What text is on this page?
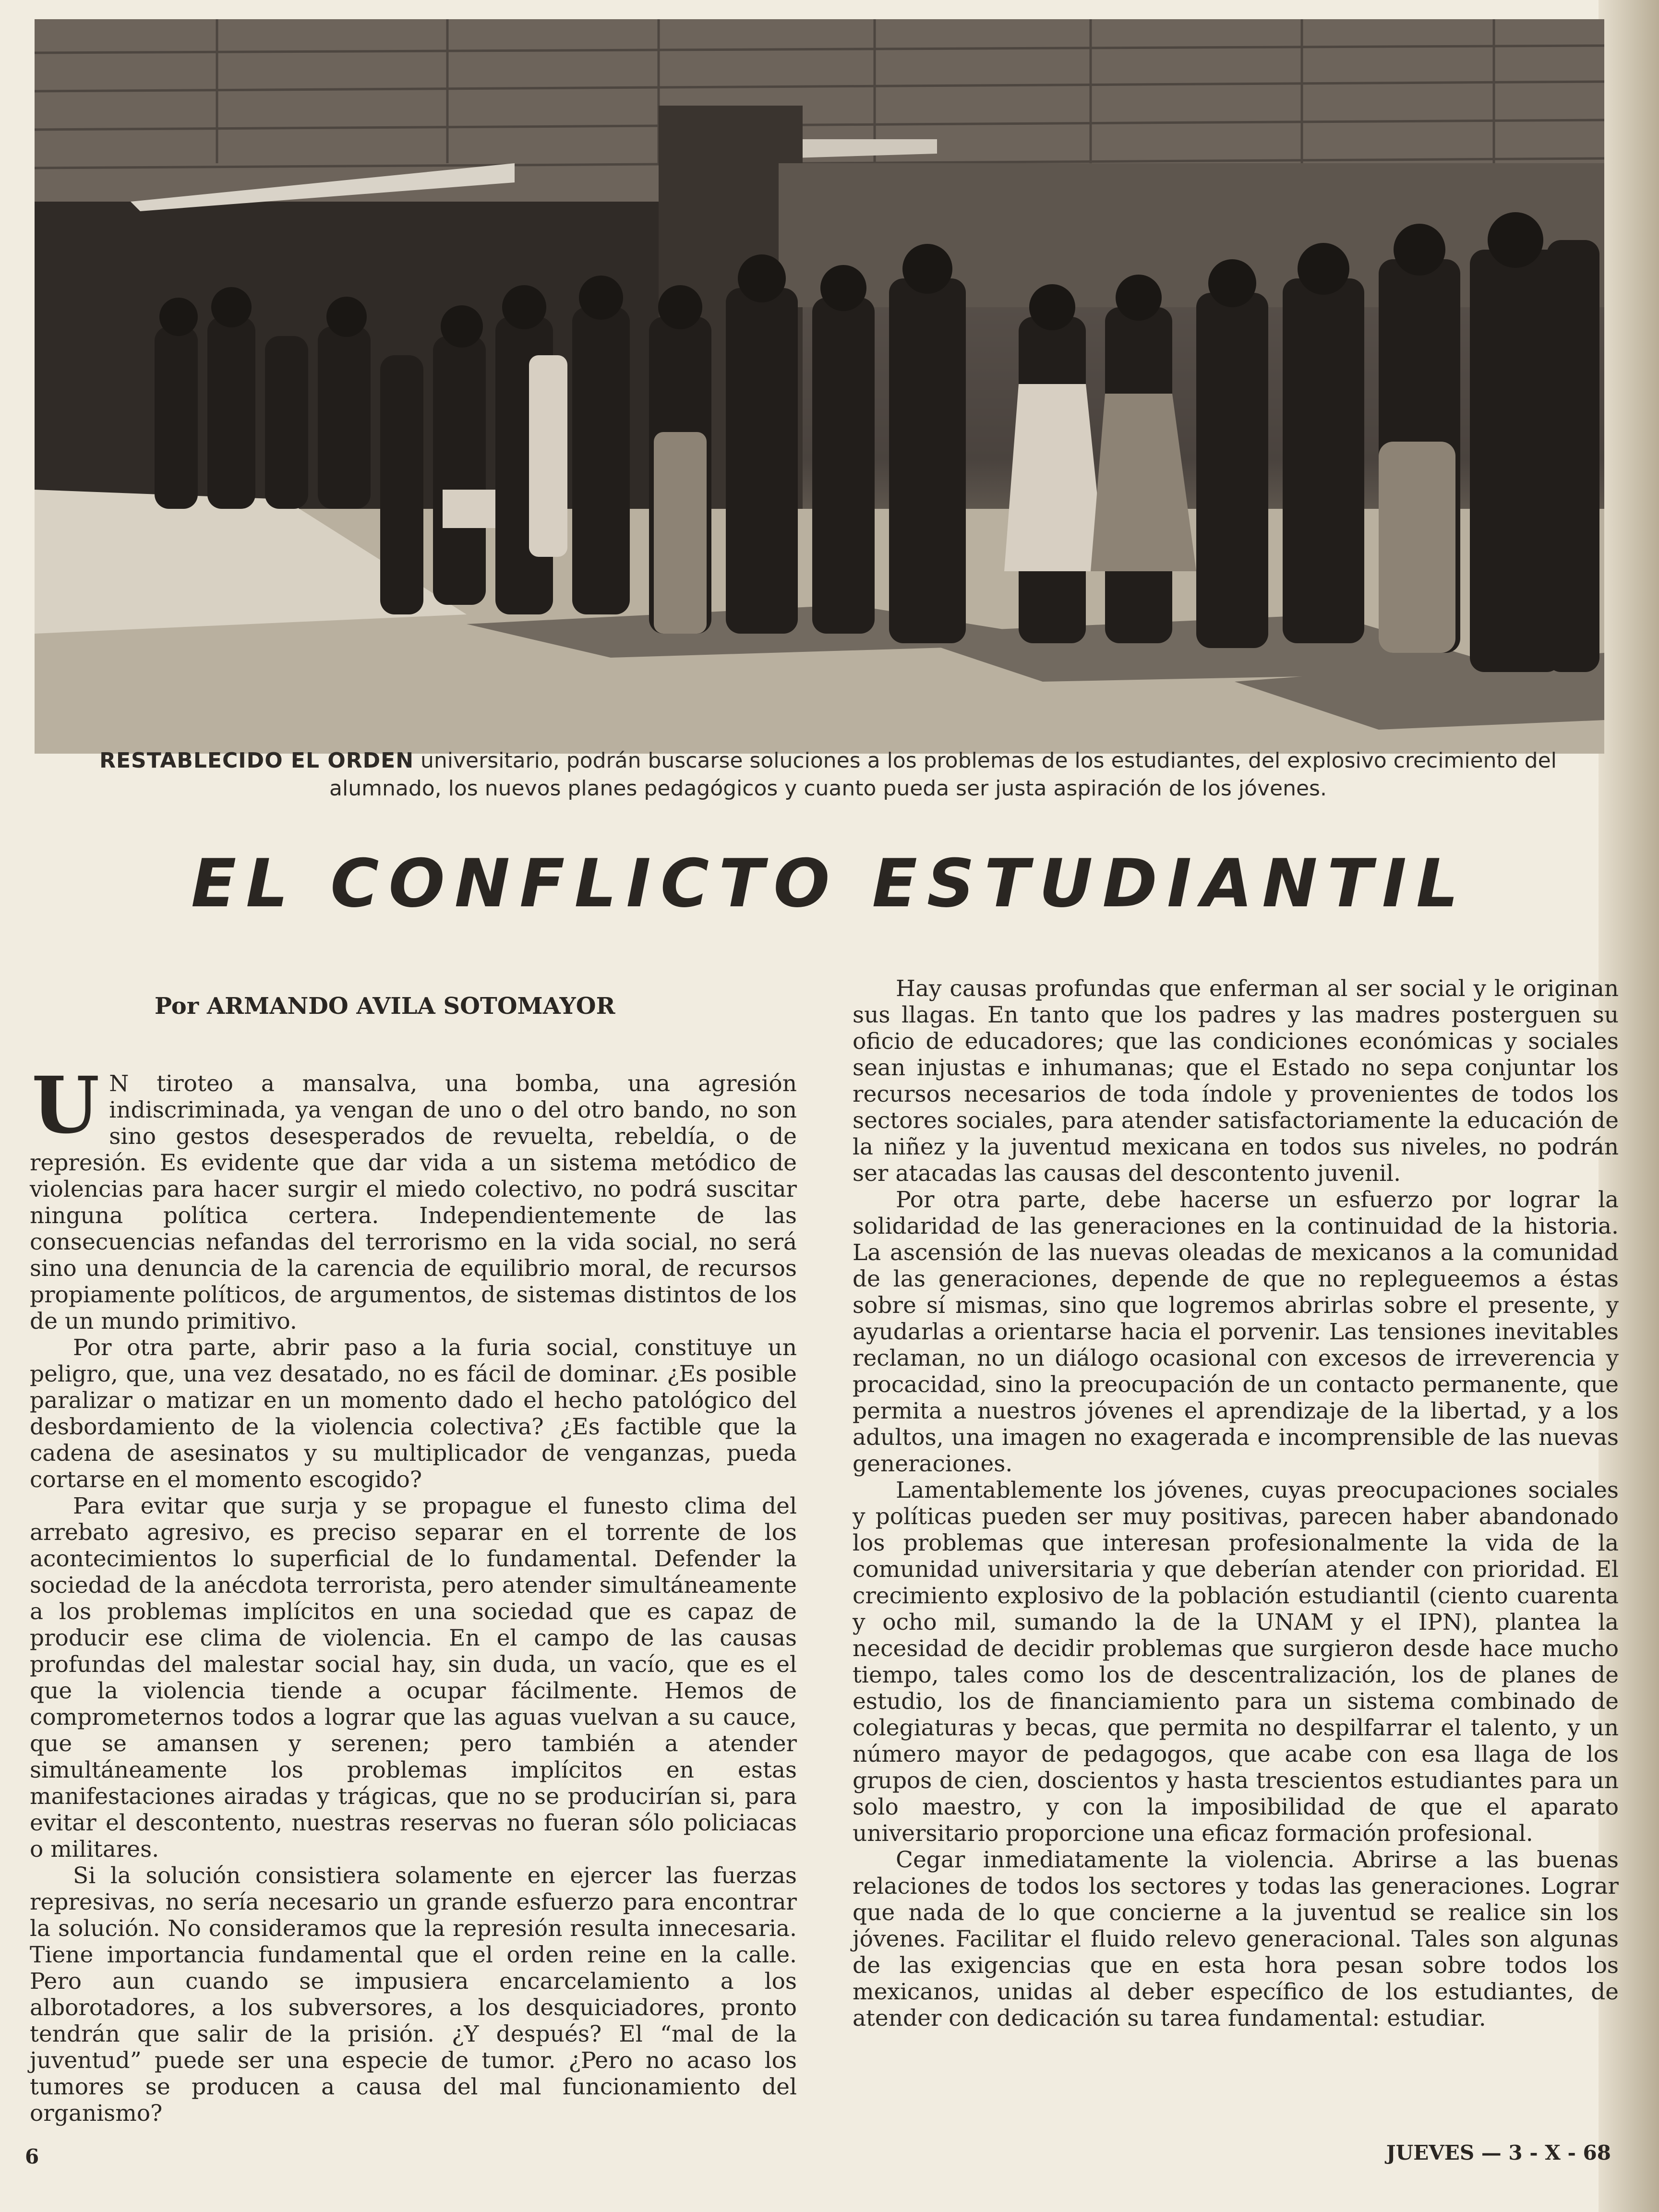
RESTABLECIDO EL ORDEN universitario, podrán buscarse soluciones a los problemas de los estudiantes, del explosivo crecimiento del alumnado, los nuevos planes pedagógicos y cuanto pueda ser justa aspiración de los jóvenes.
EL CONFLICTO ESTUDIANTIL
Por ARMANDO AVILA SOTOMAYOR

U N tiroteo a mansalva, una bomba, una agresión indiscriminada, ya vengan de uno o del otro bando, no son sino gestos desesperados de revuelta, rebeldía, o de represión. Es evidente que dar vida a un sistema metódico de violencias para hacer surgir el miedo colectivo, no podrá suscitar ninguna política certera. Independientemente de las consecuencias nefandas del terrorismo en la vida social, no será sino una denuncia de la carencia de equilibrio moral, de recursos propiamente políticos, de argumentos, de sistemas distintos de los de un mundo primitivo.

Por otra parte, abrir paso a la furia social, constituye un peligro, que, una vez desatado, no es fácil de dominar. ¿Es posible paralizar o matizar en un momento dado el hecho patológico del desbordamiento de la violencia colectiva? ¿Es factible que la cadena de asesinatos y su multiplicador de venganzas, pueda cortarse en el momento escogido?

Para evitar que surja y se propague el funesto clima del arrebato agresivo, es preciso separar en el torrente de los acontecimientos lo superficial de lo fundamental. Defender la sociedad de la anécdota terrorista, pero atender simultáneamente a los problemas implícitos en una sociedad que es capaz de producir ese clima de violencia. En el campo de las causas profundas del malestar social hay, sin duda, un vacío, que es el que la violencia tiende a ocupar fácilmente. Hemos de comprometernos todos a lograr que las aguas vuelvan a su cauce, que se amansen y serenen; pero también a atender simultáneamente los problemas implícitos en estas manifestaciones airadas y trágicas, que no se producirían si, para evitar el descontento, nuestras reservas no fueran sólo policiacas o militares.

Si la solución consistiera solamente en ejercer las fuerzas represivas, no sería necesario un grande esfuerzo para encontrar la solución. No consideramos que la represión resulta innecesaria. Tiene importancia fundamental que el orden reine en la calle. Pero aun cuando se impusiera encarcelamiento a los alborotadores, a los subversores, a los desquiciadores, pronto tendrán que salir de la prisión. ¿Y después? El “mal de la juventud” puede ser una especie de tumor. ¿Pero no acaso los tumores se producen a causa del mal funcionamiento del organismo?

Hay causas profundas que enferman al ser social y le originan sus llagas. En tanto que los padres y las madres posterguen su oficio de educadores; que las condiciones económicas y sociales sean injustas e inhumanas; que el Estado no sepa conjuntar los recursos necesarios de toda índole y provenientes de todos los sectores sociales, para atender satisfactoriamente la educación de la niñez y la juventud mexicana en todos sus niveles, no podrán ser atacadas las causas del descontento juvenil.

Por otra parte, debe hacerse un esfuerzo por lograr la solidaridad de las generaciones en la continuidad de la historia. La ascensión de las nuevas oleadas de mexicanos a la comunidad de las generaciones, depende de que no replegueemos a éstas sobre sí mismas, sino que logremos abrirlas sobre el presente, y ayudarlas a orientarse hacia el porvenir. Las tensiones inevitables reclaman, no un diálogo ocasional con excesos de irreverencia y procacidad, sino la preocupación de un contacto permanente, que permita a nuestros jóvenes el aprendizaje de la libertad, y a los adultos, una imagen no exagerada e incomprensible de las nuevas generaciones.

Lamentablemente los jóvenes, cuyas preocupaciones sociales y políticas pueden ser muy positivas, parecen haber abandonado los problemas que interesan profesionalmente la vida de la comunidad universitaria y que deberían atender con prioridad. El crecimiento explosivo de la población estudiantil (ciento cuarenta y ocho mil, sumando la de la UNAM y el IPN), plantea la necesidad de decidir problemas que surgieron desde hace mucho tiempo, tales como los de descentralización, los de planes de estudio, los de financiamiento para un sistema combinado de colegiaturas y becas, que permita no despilfarrar el talento, y un número mayor de pedagogos, que acabe con esa llaga de los grupos de cien, doscientos y hasta trescientos estudiantes para un solo maestro, y con la imposibilidad de que el aparato universitario proporcione una eficaz formación profesional.

Cegar inmediatamente la violencia. Abrirse a las buenas relaciones de todos los sectores y todas las generaciones. Lograr que nada de lo que concierne a la juventud se realice sin los jóvenes. Facilitar el fluido relevo generacional. Tales son algunas de las exigencias que en esta hora pesan sobre todos los mexicanos, unidas al deber específico de los estudiantes, de atender con dedicación su tarea fundamental: estudiar.

6	JUEVES — 3 - X - 68
